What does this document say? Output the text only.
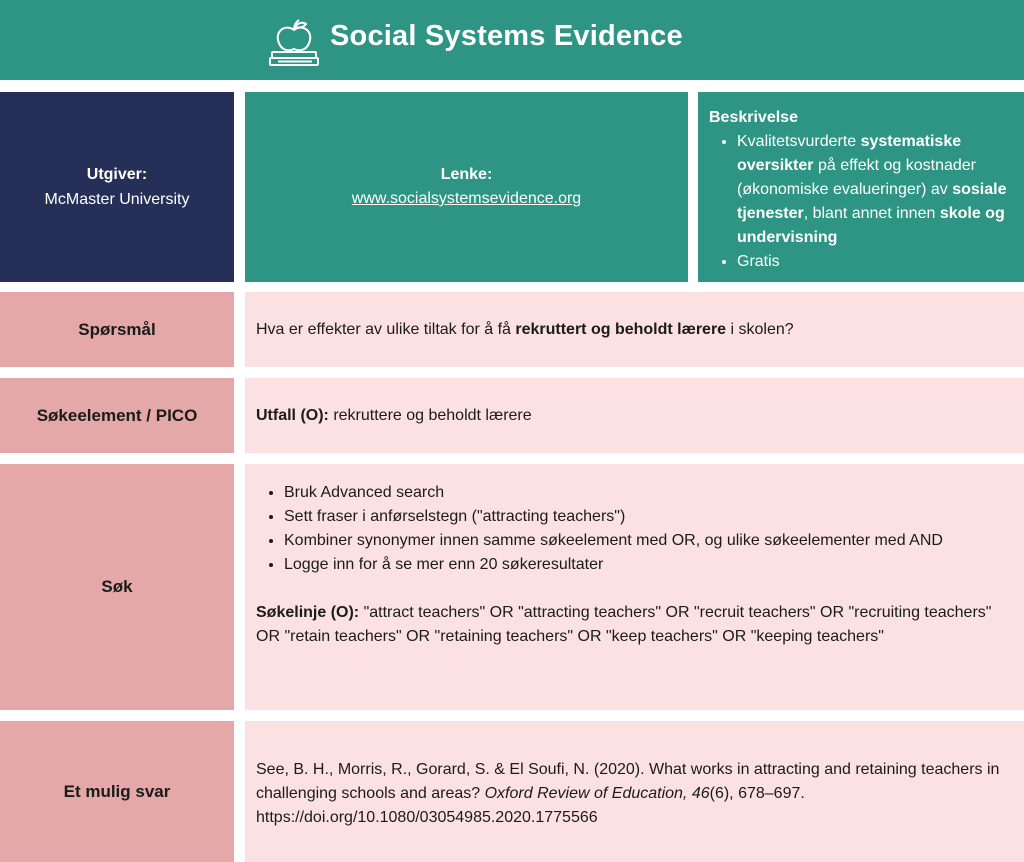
Social Systems Evidence
Utgiver:
McMaster University
Lenke:
www.socialsystemsevidence.org
Beskrivelse
• Kvalitetsvurderte systematiske oversikter på effekt og kostnader (økonomiske evalueringer) av sosiale tjenester, blant annet innen skole og undervisning
• Gratis
Spørsmål	Hva er effekter av ulike tiltak for å få rekruttert og beholdt lærere i skolen?
Søkeelement / PICO	Utfall (O): rekruttere og beholdt lærere
Søk
• Bruk Advanced search
• Sett fraser i anførselstegn ("attracting teachers")
• Kombiner synonymer innen samme søkeelement med OR, og ulike søkeelementer med AND
• Logge inn for å se mer enn 20 søkeresultater
Søkelinje (O): "attract teachers" OR "attracting teachers" OR "recruit teachers" OR "recruiting teachers" OR "retain teachers" OR "retaining teachers" OR "keep teachers" OR "keeping teachers"
Et mulig svar
See, B. H., Morris, R., Gorard, S. & El Soufi, N. (2020). What works in attracting and retaining teachers in challenging schools and areas? Oxford Review of Education, 46(6), 678–697. https://doi.org/10.1080/03054985.2020.1775566
